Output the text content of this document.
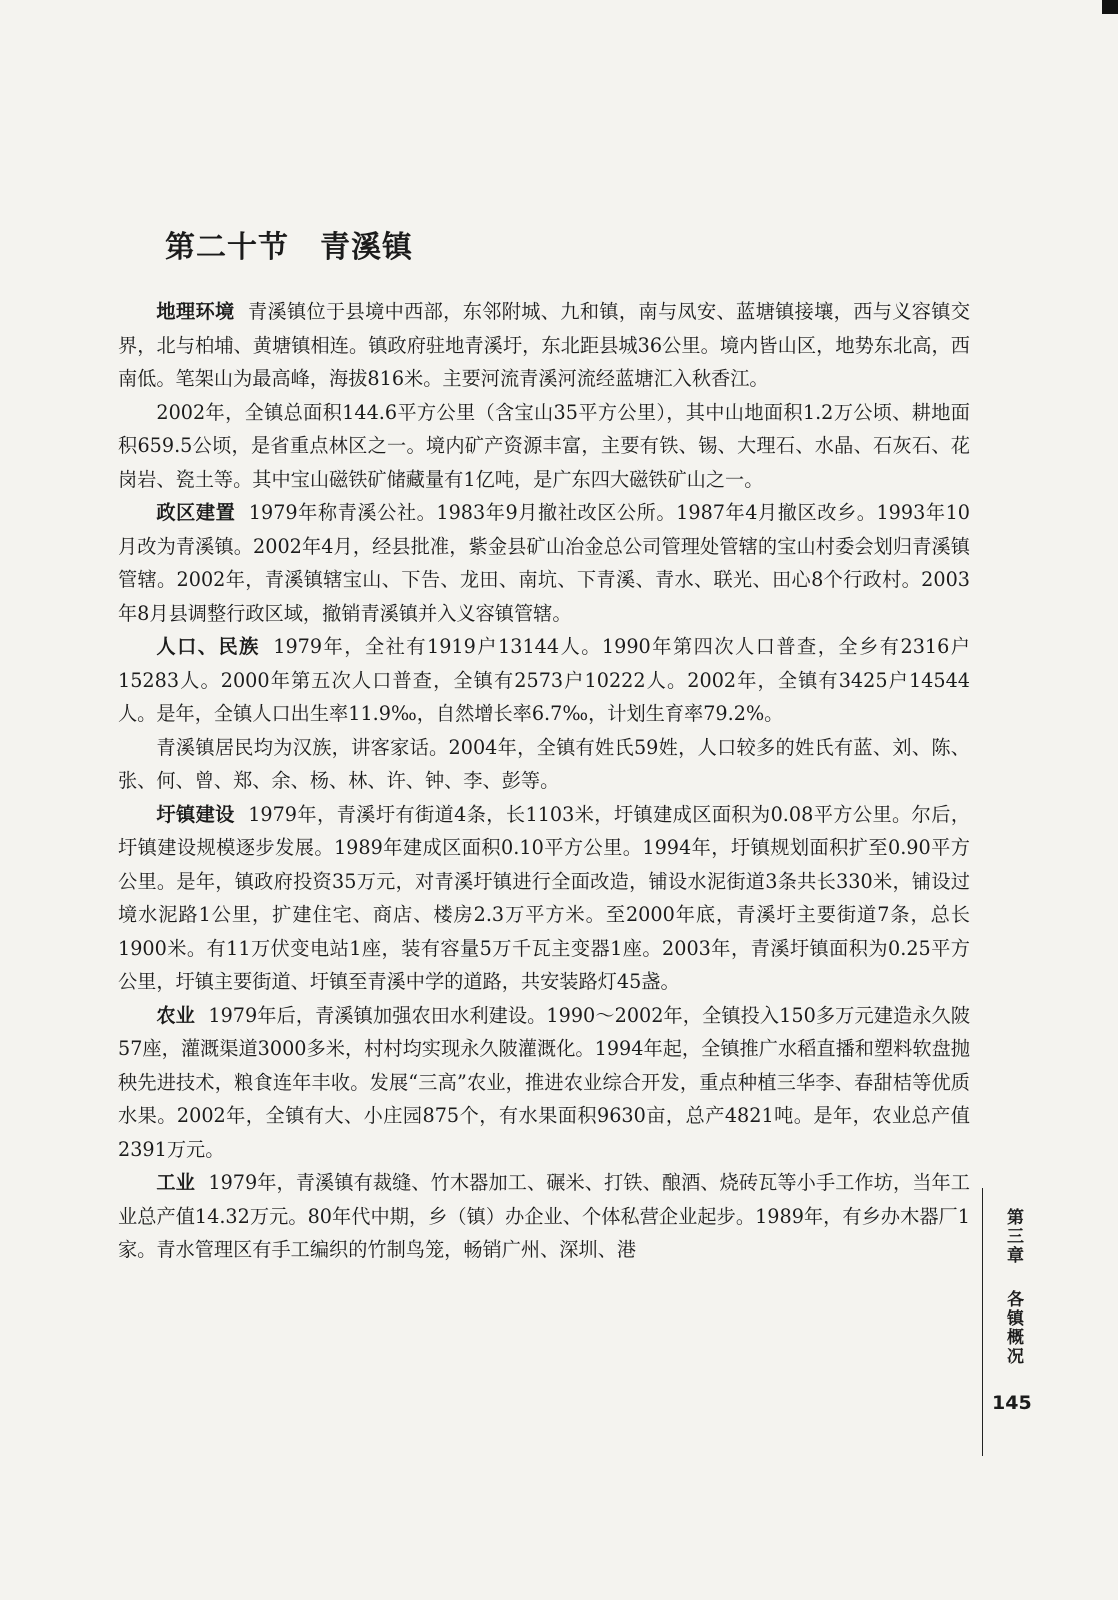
第二十节　青溪镇

地理环境 青溪镇位于县境中西部，东邻附城、九和镇，南与凤安、蓝塘镇接壤，西与义容镇交界，北与柏埔、黄塘镇相连。镇政府驻地青溪圩，东北距县城36公里。境内皆山区，地势东北高，西南低。笔架山为最高峰，海拔816米。主要河流青溪河流经蓝塘汇入秋香江。

2002年，全镇总面积144.6平方公里（含宝山35平方公里），其中山地面积1.2万公顷、耕地面积659.5公顷，是省重点林区之一。境内矿产资源丰富，主要有铁、锡、大理石、水晶、石灰石、花岗岩、瓷土等。其中宝山磁铁矿储藏量有1亿吨，是广东四大磁铁矿山之一。

政区建置 1979年称青溪公社。1983年9月撤社改区公所。1987年4月撤区改乡。1993年10月改为青溪镇。2002年4月，经县批准，紫金县矿山冶金总公司管理处管辖的宝山村委会划归青溪镇管辖。2002年，青溪镇辖宝山、下告、龙田、南坑、下青溪、青水、联光、田心8个行政村。2003年8月县调整行政区域，撤销青溪镇并入义容镇管辖。

人口、民族 1979年，全社有1919户13144人。1990年第四次人口普查，全乡有2316户15283人。2000年第五次人口普查，全镇有2573户10222人。2002年，全镇有3425户14544人。是年，全镇人口出生率11.9‰，自然增长率6.7‰，计划生育率79.2%。

青溪镇居民均为汉族，讲客家话。2004年，全镇有姓氏59姓，人口较多的姓氏有蓝、刘、陈、张、何、曾、郑、余、杨、林、许、钟、李、彭等。

圩镇建设 1979年，青溪圩有街道4条，长1103米，圩镇建成区面积为0.08平方公里。尔后，圩镇建设规模逐步发展。1989年建成区面积0.10平方公里。1994年，圩镇规划面积扩至0.90平方公里。是年，镇政府投资35万元，对青溪圩镇进行全面改造，铺设水泥街道3条共长330米，铺设过境水泥路1公里，扩建住宅、商店、楼房2.3万平方米。至2000年底，青溪圩主要街道7条，总长1900米。有11万伏变电站1座，装有容量5万千瓦主变器1座。2003年，青溪圩镇面积为0.25平方公里，圩镇主要街道、圩镇至青溪中学的道路，共安装路灯45盏。

农业 1979年后，青溪镇加强农田水利建设。1990～2002年，全镇投入150多万元建造永久陂57座，灌溉渠道3000多米，村村均实现永久陂灌溉化。1994年起，全镇推广水稻直播和塑料软盘抛秧先进技术，粮食连年丰收。发展“三高”农业，推进农业综合开发，重点种植三华李、春甜桔等优质水果。2002年，全镇有大、小庄园875个，有水果面积9630亩，总产4821吨。是年，农业总产值2391万元。

工业 1979年，青溪镇有裁缝、竹木器加工、碾米、打铁、酿酒、烧砖瓦等小手工作坊，当年工业总产值14.32万元。80年代中期，乡（镇）办企业、个体私营企业起步。1989年，有乡办木器厂1家。青水管理区有手工编织的竹制鸟笼，畅销广州、深圳、港	第三章
各镇概况
145
